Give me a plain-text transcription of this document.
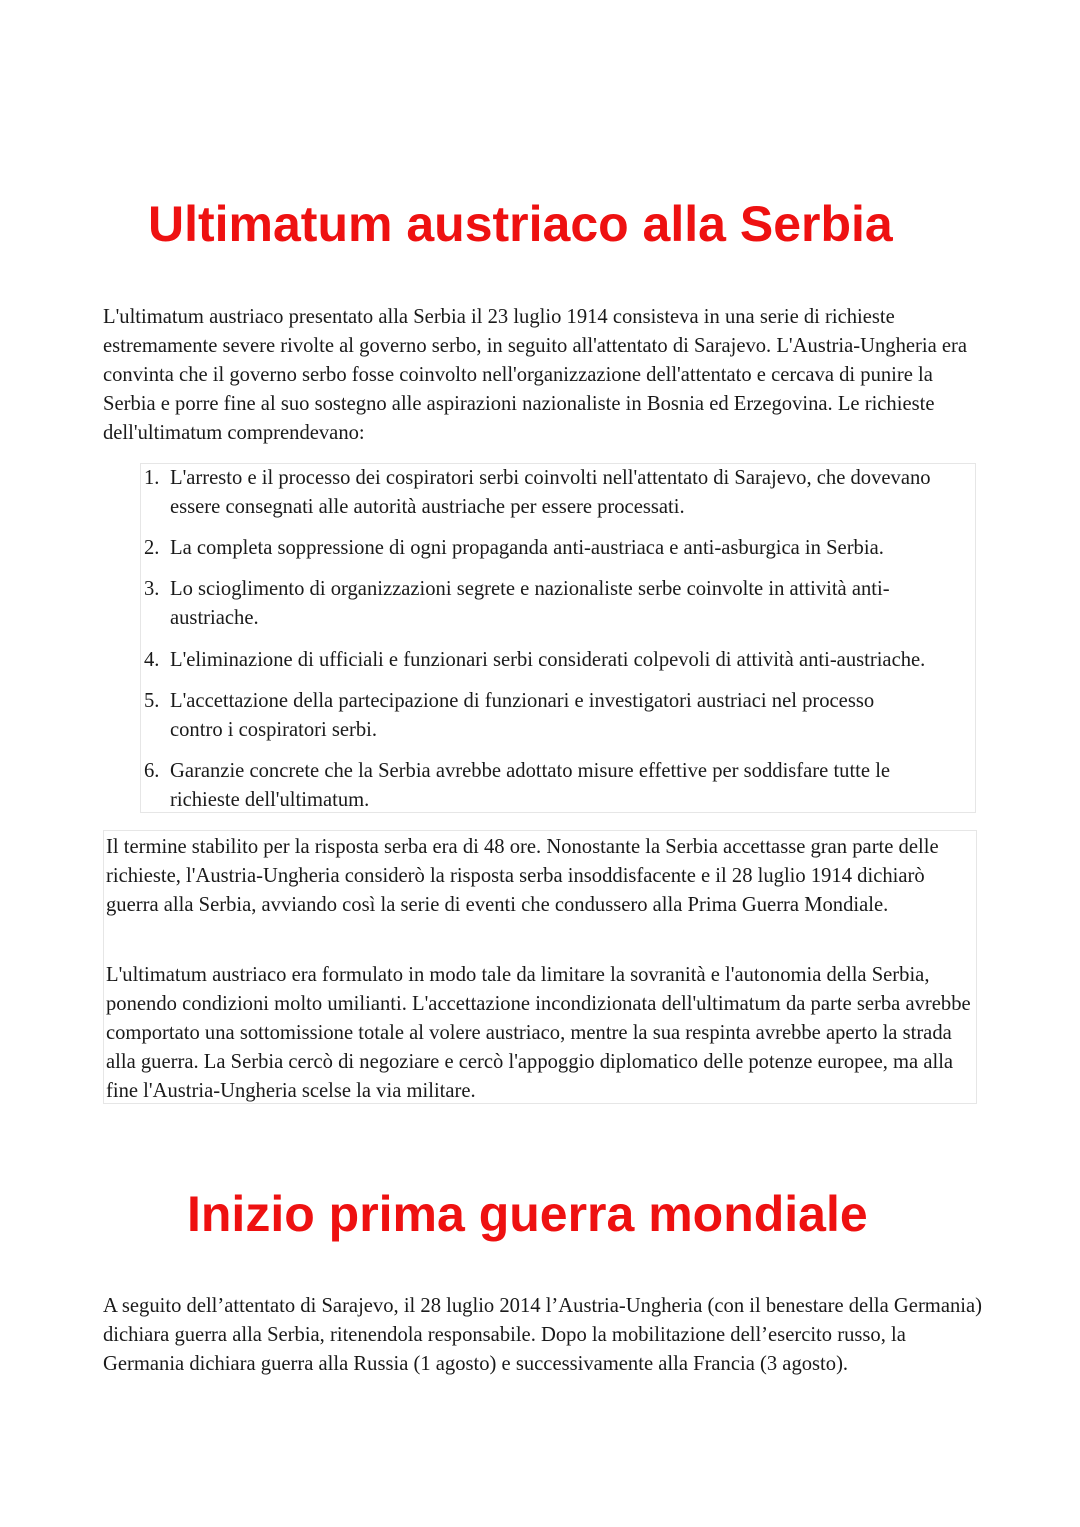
Ultimatum austriaco alla Serbia

L'ultimatum austriaco presentato alla Serbia il 23 luglio 1914 consisteva in una serie di richieste estremamente severe rivolte al governo serbo, in seguito all'attentato di Sarajevo. L'Austria-Ungheria era convinta che il governo serbo fosse coinvolto nell'organizzazione dell'attentato e cercava di punire la Serbia e porre fine al suo sostegno alle aspirazioni nazionaliste in Bosnia ed Erzegovina. Le richieste dell'ultimatum comprendevano:

1. L'arresto e il processo dei cospiratori serbi coinvolti nell'attentato di Sarajevo, che dovevano essere consegnati alle autorità austriache per essere processati.
2. La completa soppressione di ogni propaganda anti-austriaca e anti-asburgica in Serbia.
3. Lo scioglimento di organizzazioni segrete e nazionaliste serbe coinvolte in attività anti-austriache.
4. L'eliminazione di ufficiali e funzionari serbi considerati colpevoli di attività anti-austriache.
5. L'accettazione della partecipazione di funzionari e investigatori austriaci nel processo contro i cospiratori serbi.
6. Garanzie concrete che la Serbia avrebbe adottato misure effettive per soddisfare tutte le richieste dell'ultimatum.

Il termine stabilito per la risposta serba era di 48 ore. Nonostante la Serbia accettasse gran parte delle richieste, l'Austria-Ungheria considerò la risposta serba insoddisfacente e il 28 luglio 1914 dichiarò guerra alla Serbia, avviando così la serie di eventi che condussero alla Prima Guerra Mondiale.

L'ultimatum austriaco era formulato in modo tale da limitare la sovranità e l'autonomia della Serbia, ponendo condizioni molto umilianti. L'accettazione incondizionata dell'ultimatum da parte serba avrebbe comportato una sottomissione totale al volere austriaco, mentre la sua respinta avrebbe aperto la strada alla guerra. La Serbia cercò di negoziare e cercò l'appoggio diplomatico delle potenze europee, ma alla fine l'Austria-Ungheria scelse la via militare.

Inizio prima guerra mondiale

A seguito dell’attentato di Sarajevo, il 28 luglio 2014 l’Austria-Ungheria (con il benestare della Germania) dichiara guerra alla Serbia, ritenendola responsabile. Dopo la mobilitazione dell’esercito russo, la Germania dichiara guerra alla Russia (1 agosto) e successivamente alla Francia (3 agosto).
